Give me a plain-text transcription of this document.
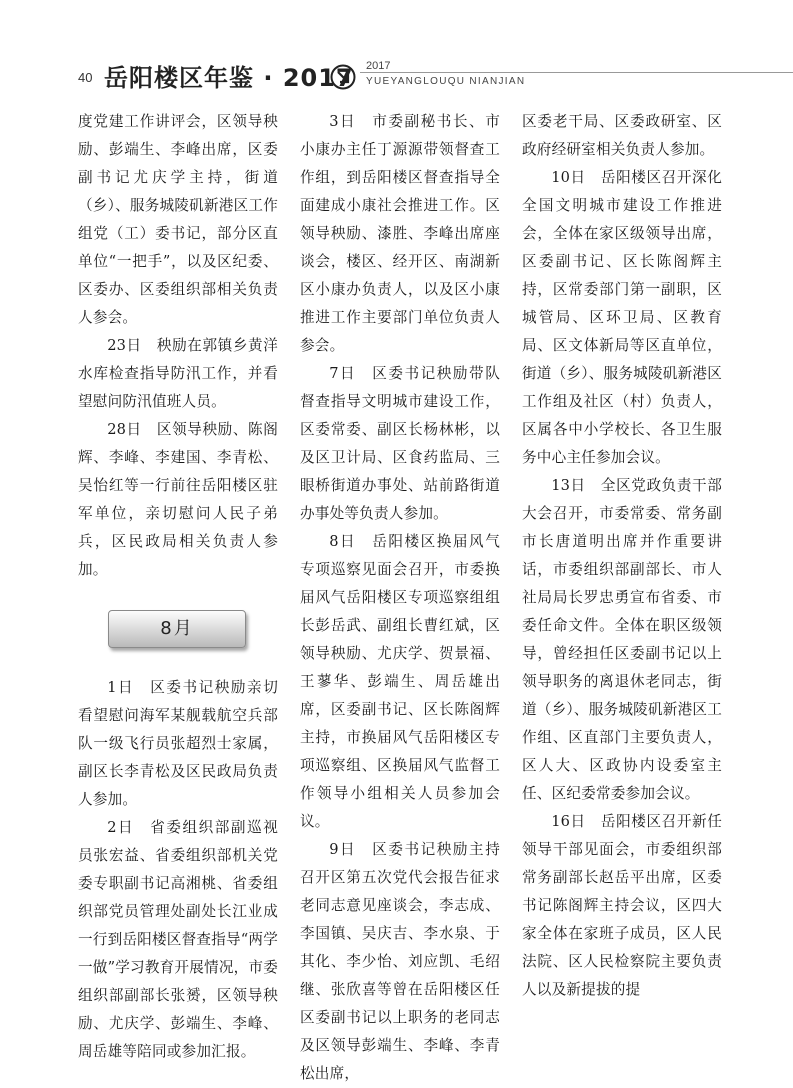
40 岳阳楼区年鉴 · 2017 2017
YUEYANGLOUQU NIANJIAN

度党建工作讲评会，区领导秧励、彭端生、李峰出席，区委副书记尤庆学主持，街道（乡）、服务城陵矶新港区工作组党（工）委书记，部分区直单位“一把手”，以及区纪委、区委办、区委组织部相关负责人参会。

23日　秧励在郭镇乡黄洋水库检查指导防汛工作，并看望慰问防汛值班人员。

28日　区领导秧励、陈阁辉、李峰、李建国、李青松、吴怡红等一行前往岳阳楼区驻军单位，亲切慰问人民子弟兵，区民政局相关负责人参加。

8月

1日　区委书记秧励亲切看望慰问海军某舰载航空兵部队一级飞行员张超烈士家属，副区长李青松及区民政局负责人参加。

2日　省委组织部副巡视员张宏益、省委组织部机关党委专职副书记高湘桃、省委组织部党员管理处副处长江业成一行到岳阳楼区督查指导“两学一做”学习教育开展情况，市委组织部副部长张赟，区领导秧励、尤庆学、彭端生、李峰、周岳雄等陪同或参加汇报。

3日　市委副秘书长、市小康办主任丁源源带领督查工作组，到岳阳楼区督查指导全面建成小康社会推进工作。区领导秧励、漆胜、李峰出席座谈会，楼区、经开区、南湖新区小康办负责人，以及区小康推进工作主要部门单位负责人参会。

7日　区委书记秧励带队督查指导文明城市建设工作，区委常委、副区长杨林彬，以及区卫计局、区食药监局、三眼桥街道办事处、站前路街道办事处等负责人参加。

8日　岳阳楼区换届风气专项巡察见面会召开，市委换届风气岳阳楼区专项巡察组组长彭岳武、副组长曹红斌，区领导秧励、尤庆学、贺景福、王蓼华、彭端生、周岳雄出席，区委副书记、区长陈阁辉主持，市换届风气岳阳楼区专项巡察组、区换届风气监督工作领导小组相关人员参加会议。

9日　区委书记秧励主持召开区第五次党代会报告征求老同志意见座谈会，李志成、李国镇、吴庆吉、李水泉、于其化、李少怡、刘应凯、毛绍继、张欣喜等曾在岳阳楼区任区委副书记以上职务的老同志及区领导彭端生、李峰、李青松出席，

区委老干局、区委政研室、区政府经研室相关负责人参加。

10日　岳阳楼区召开深化全国文明城市建设工作推进会，全体在家区级领导出席，区委副书记、区长陈阁辉主持，区常委部门第一副职，区城管局、区环卫局、区教育局、区文体新局等区直单位，街道（乡）、服务城陵矶新港区工作组及社区（村）负责人，区属各中小学校长、各卫生服务中心主任参加会议。

13日　全区党政负责干部大会召开，市委常委、常务副市长唐道明出席并作重要讲话，市委组织部副部长、市人社局局长罗忠勇宣布省委、市委任命文件。全体在职区级领导，曾经担任区委副书记以上领导职务的离退休老同志，街道（乡）、服务城陵矶新港区工作组、区直部门主要负责人，区人大、区政协内设委室主任、区纪委常委参加会议。

16日　岳阳楼区召开新任领导干部见面会，市委组织部常务副部长赵岳平出席，区委书记陈阁辉主持会议，区四大家全体在家班子成员，区人民法院、区人民检察院主要负责人以及新提拔的提
